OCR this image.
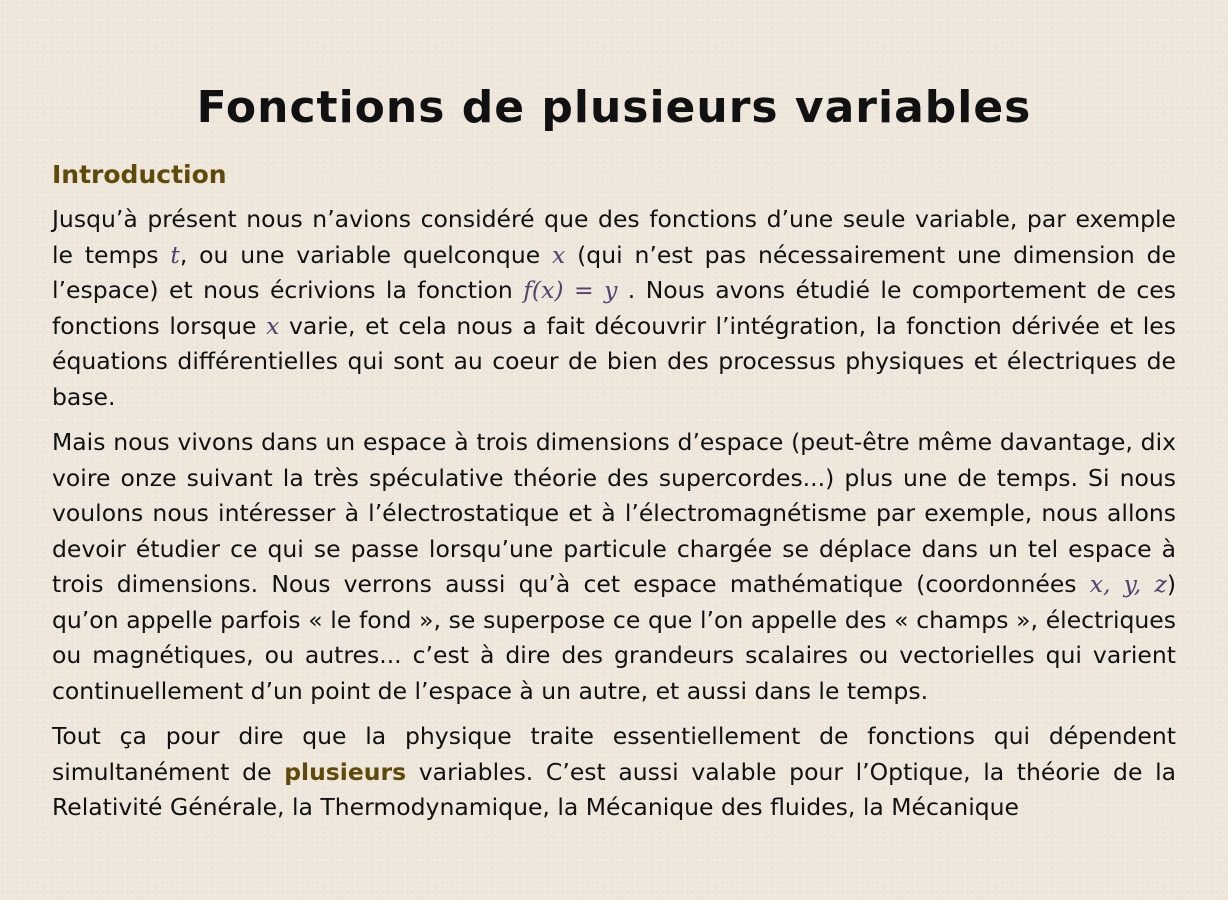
Fonctions de plusieurs variables
Introduction

Jusqu’à présent nous n’avions considéré que des fonctions d’une seule variable, par exemple le temps t, ou une variable quelconque x (qui n’est pas nécessairement une dimension de l’espace) et nous écrivions la fonction f(x) = y . Nous avons étudié le comportement de ces fonctions lorsque x varie, et cela nous a fait découvrir l’intégration, la fonction dérivée et les équations différentielles qui sont au coeur de bien des processus physiques et électriques de base.

Mais nous vivons dans un espace à trois dimensions d’espace (peut-être même davantage, dix voire onze suivant la très spéculative théorie des supercordes...) plus une de temps. Si nous voulons nous intéresser à l’électrostatique et à l’électromagnétisme par exemple, nous allons devoir étudier ce qui se passe lorsqu’une particule chargée se déplace dans un tel espace à trois dimensions. Nous verrons aussi qu’à cet espace mathématique (coordonnées x, y, z) qu’on appelle parfois « le fond », se superpose ce que l’on appelle des « champs », électriques ou magnétiques, ou autres... c’est à dire des grandeurs scalaires ou vectorielles qui varient continuellement d’un point de l’espace à un autre, et aussi dans le temps.

Tout ça pour dire que la physique traite essentiellement de fonctions qui dépendent simultanément de plusieurs variables. C’est aussi valable pour l’Optique, la théorie de la Relativité Générale, la Thermodynamique, la Mécanique des fluides, la Mécanique
